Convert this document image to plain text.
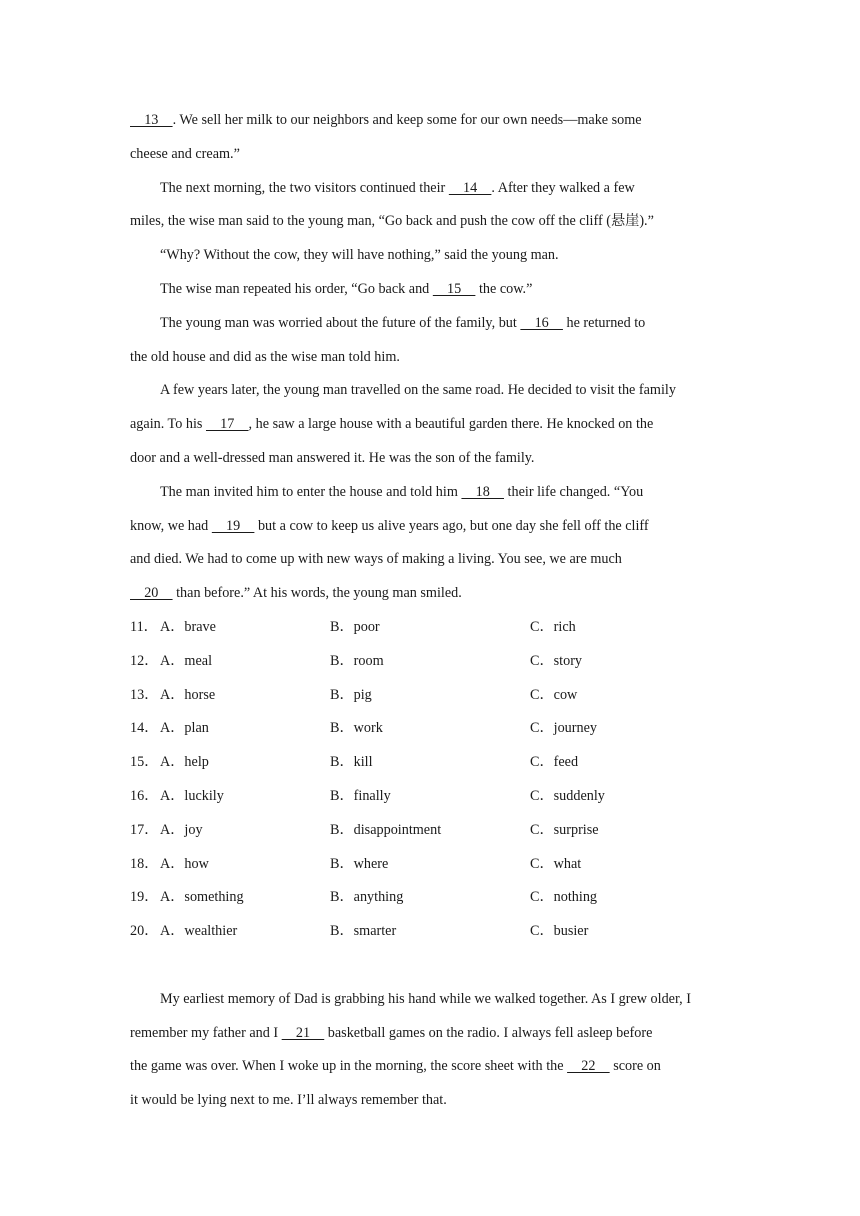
13    . We sell her milk to our neighbors and keep some for our own needs—make some
cheese and cream.”
The next morning, the two visitors continued their     14    . After they walked a few
miles, the wise man said to the young man, “Go back and push the cow off the cliff (悬崖).”
“Why? Without the cow, they will have nothing,” said the young man.
The wise man repeated his order, “Go back and     15     the cow.”
The young man was worried about the future of the family, but     16     he returned to
the old house and did as the wise man told him.
A few years later, the young man travelled on the same road. He decided to visit the family
again. To his     17    , he saw a large house with a beautiful garden there. He knocked on the
door and a well-dressed man answered it. He was the son of the family.
The man invited him to enter the house and told him     18     their life changed. “You
know, we had     19     but a cow to keep us alive years ago, but one day she fell off the cliff
and died. We had to come up with new ways of making a living. You see, we are much
20     than before.” At his words, the young man smiled.
11． A．brave	B．poor	C．rich
12． A．meal	B．room	C．story
13． A．horse	B．pig	C．cow
14． A．plan	B．work	C．journey
15． A．help	B．kill	C．feed
16． A．luckily	B．finally	C．suddenly
17． A．joy	B．disappointment	C．surprise
18． A．how	B．where	C．what
19． A．something	B．anything	C．nothing
20． A．wealthier	B．smarter	C．busier
My earliest memory of Dad is grabbing his hand while we walked together. As I grew older, I
remember my father and I     21     basketball games on the radio. I always fell asleep before
the game was over. When I woke up in the morning, the score sheet with the     22     score on
it would be lying next to me. I’ll always remember that.
